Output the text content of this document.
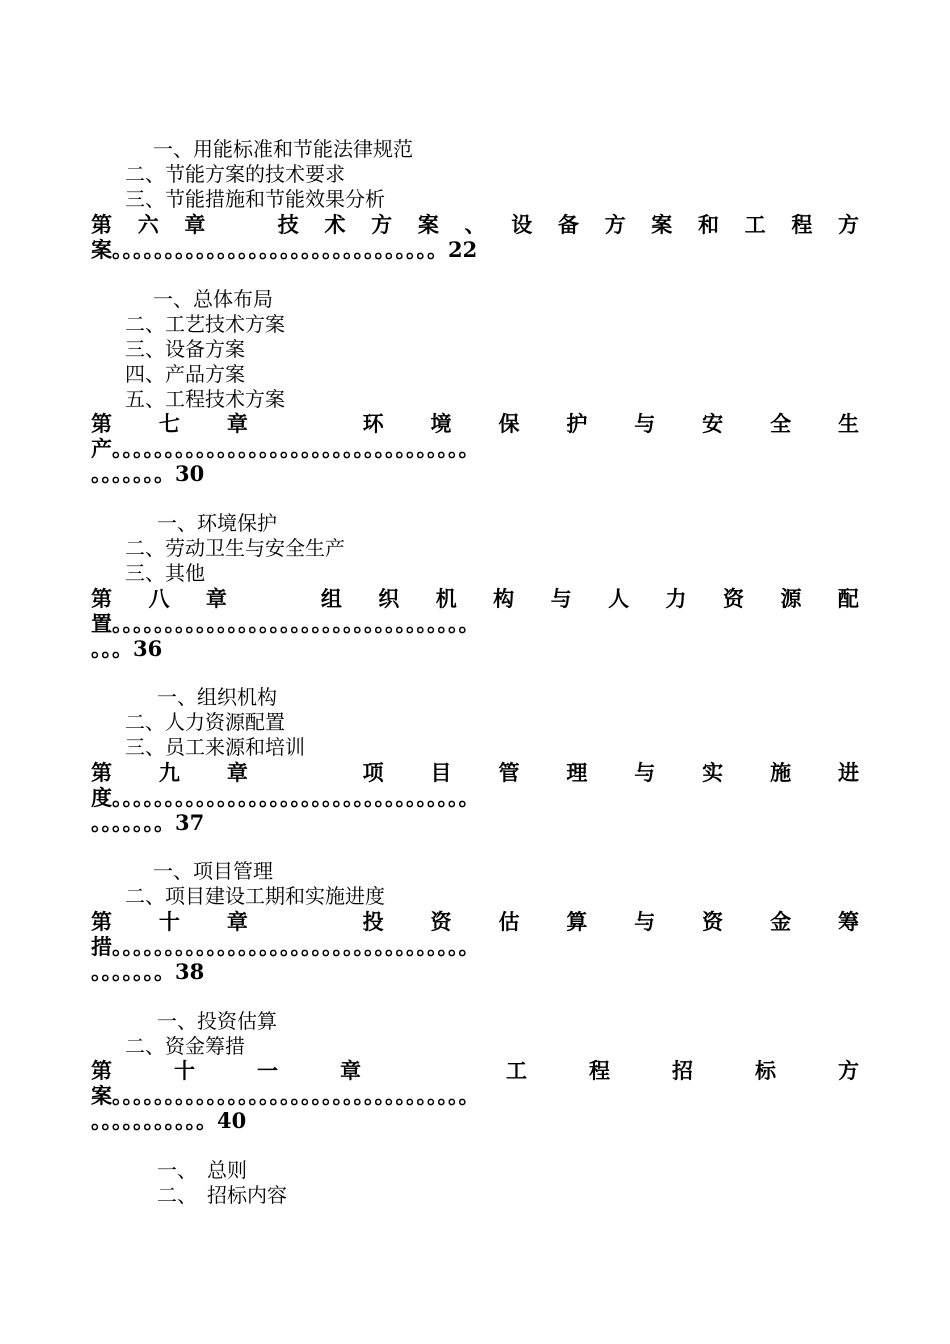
一、用能标准和节能法律规范
二、节能方案的技术要求
三、节能措施和节能效果分析
第 六 章	技 术 方 案 、 设 备 方 案 和 工 程 方
案。。。。。。。。。。。。。。。。。。。。。。。。。。。。。。。22
一、总体布局
二、工艺技术方案
三、设备方案
四、产品方案
五、工程技术方案
第 七 章	环 境 保 护 与 安 全 生
产。。。。。。。。。。。。。。。。。。。。。。。。。。。。。。。。。。
。。。。。。。30
一、环境保护
二、劳动卫生与安全生产
三、其他
第 八 章	组 织 机 构 与 人 力 资 源 配
置。。。。。。。。。。。。。。。。。。。。。。。。。。。。。。。。。。
。。。36
一、组织机构
二、人力资源配置
三、员工来源和培训
第 九 章	项 目 管 理 与 实 施 进
度。。。。。。。。。。。。。。。。。。。。。。。。。。。。。。。。。。
。。。。。。。37
一、项目管理
二、项目建设工期和实施进度
第 十 章	投 资 估 算 与 资 金 筹
措。。。。。。。。。。。。。。。。。。。。。。。。。。。。。。。。。。
。。。。。。。38
一、投资估算
二、资金筹措
第	十	一	章	工	程	招	标	方
案。。。。。。。。。。。。。。。。。。。。。。。。。。。。。。。。。。
。。。。。。。。。。。40
一、　总则
二、　招标内容
